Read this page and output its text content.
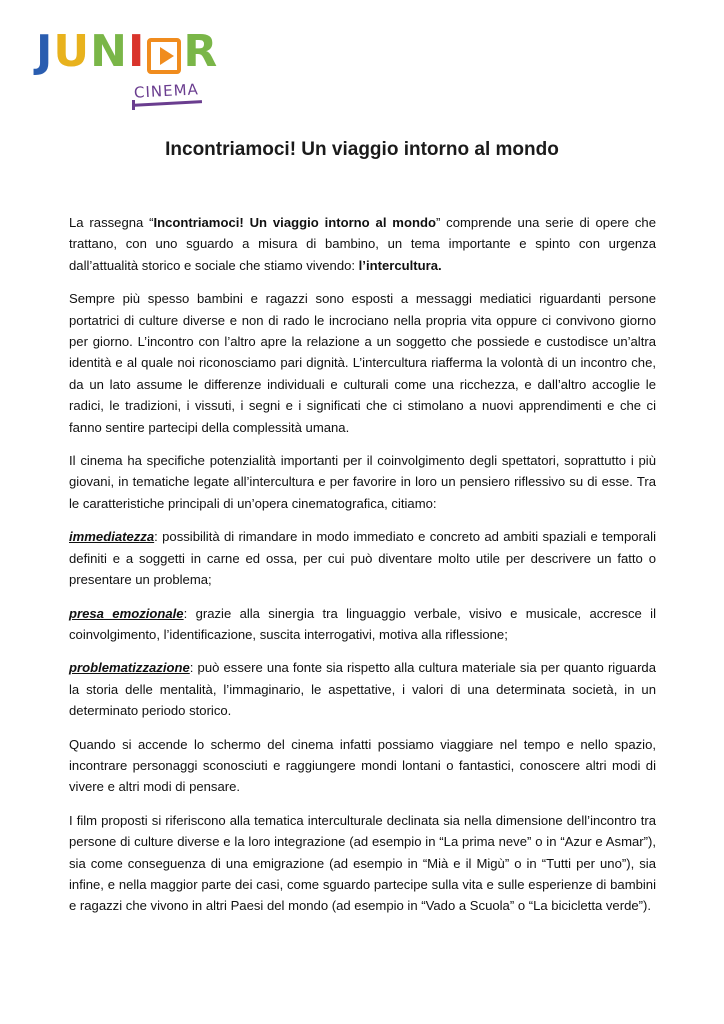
J U N I R
CINEMA
Incontriamoci! Un viaggio intorno al mondo

La rassegna “Incontriamoci! Un viaggio intorno al mondo” comprende una serie di opere che trattano, con uno sguardo a misura di bambino, un tema importante e spinto con urgenza dall’attualità storico e sociale che stiamo vivendo: l’intercultura.

Sempre più spesso bambini e ragazzi sono esposti a messaggi mediatici riguardanti persone portatrici di culture diverse e non di rado le incrociano nella propria vita oppure ci convivono giorno per giorno. L’incontro con l’altro apre la relazione a un soggetto che possiede e custodisce un’altra identità e al quale noi riconosciamo pari dignità. L’intercultura riafferma la volontà di un incontro che, da un lato assume le differenze individuali e culturali come una ricchezza, e dall’altro accoglie le radici, le tradizioni, i vissuti, i segni e i significati che ci stimolano a nuovi apprendimenti e che ci fanno sentire partecipi della complessità umana.

Il cinema ha specifiche potenzialità importanti per il coinvolgimento degli spettatori, soprattutto i più giovani, in tematiche legate all’intercultura e per favorire in loro un pensiero riflessivo su di esse. Tra le caratteristiche principali di un’opera cinematografica, citiamo:

immediatezza: possibilità di rimandare in modo immediato e concreto ad ambiti spaziali e temporali definiti e a soggetti in carne ed ossa, per cui può diventare molto utile per descrivere un fatto o presentare un problema;

presa emozionale: grazie alla sinergia tra linguaggio verbale, visivo e musicale, accresce il coinvolgimento, l’identificazione, suscita interrogativi, motiva alla riflessione;

problematizzazione: può essere una fonte sia rispetto alla cultura materiale sia per quanto riguarda la storia delle mentalità, l’immaginario, le aspettative, i valori di una determinata società, in un determinato periodo storico.

Quando si accende lo schermo del cinema infatti possiamo viaggiare nel tempo e nello spazio, incontrare personaggi sconosciuti e raggiungere mondi lontani o fantastici, conoscere altri modi di vivere e altri modi di pensare.

I film proposti si riferiscono alla tematica interculturale declinata sia nella dimensione dell’incontro tra persone di culture diverse e la loro integrazione (ad esempio in “La prima neve” o in “Azur e Asmar”), sia come conseguenza di una emigrazione (ad esempio in “Mià e il Migù” o in “Tutti per uno”), sia infine, e nella maggior parte dei casi, come sguardo partecipe sulla vita e sulle esperienze di bambini e ragazzi che vivono in altri Paesi del mondo (ad esempio in “Vado a Scuola” o “La bicicletta verde”).
